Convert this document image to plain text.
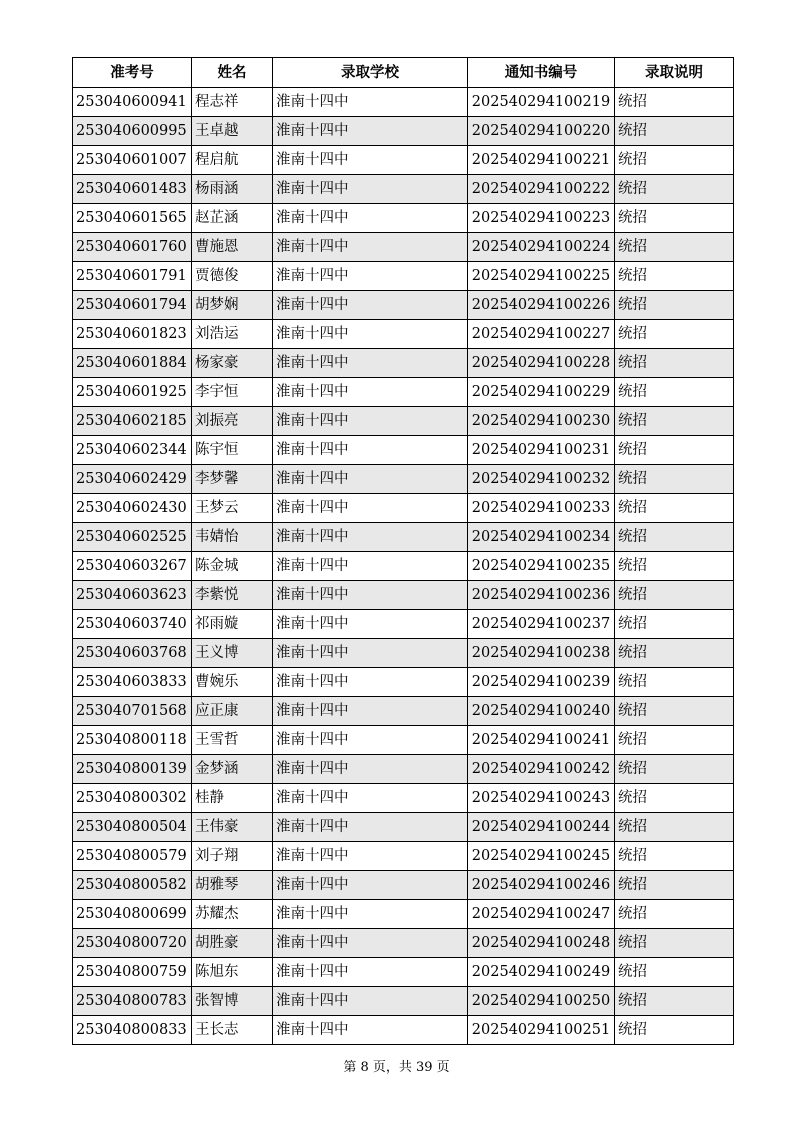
准考号	姓名	录取学校	通知书编号	录取说明
253040600941	程志祥	淮南十四中	202540294100219	统招
253040600995	王卓越	淮南十四中	202540294100220	统招
253040601007	程启航	淮南十四中	202540294100221	统招
253040601483	杨雨涵	淮南十四中	202540294100222	统招
253040601565	赵芷涵	淮南十四中	202540294100223	统招
253040601760	曹施恩	淮南十四中	202540294100224	统招
253040601791	贾德俊	淮南十四中	202540294100225	统招
253040601794	胡梦娴	淮南十四中	202540294100226	统招
253040601823	刘浩运	淮南十四中	202540294100227	统招
253040601884	杨家豪	淮南十四中	202540294100228	统招
253040601925	李宇恒	淮南十四中	202540294100229	统招
253040602185	刘振亮	淮南十四中	202540294100230	统招
253040602344	陈宇恒	淮南十四中	202540294100231	统招
253040602429	李梦馨	淮南十四中	202540294100232	统招
253040602430	王梦云	淮南十四中	202540294100233	统招
253040602525	韦婧怡	淮南十四中	202540294100234	统招
253040603267	陈金城	淮南十四中	202540294100235	统招
253040603623	李紫悦	淮南十四中	202540294100236	统招
253040603740	祁雨嫙	淮南十四中	202540294100237	统招
253040603768	王义博	淮南十四中	202540294100238	统招
253040603833	曹婉乐	淮南十四中	202540294100239	统招
253040701568	应正康	淮南十四中	202540294100240	统招
253040800118	王雪哲	淮南十四中	202540294100241	统招
253040800139	金梦涵	淮南十四中	202540294100242	统招
253040800302	桂静	淮南十四中	202540294100243	统招
253040800504	王伟豪	淮南十四中	202540294100244	统招
253040800579	刘子翔	淮南十四中	202540294100245	统招
253040800582	胡雅琴	淮南十四中	202540294100246	统招
253040800699	苏耀杰	淮南十四中	202540294100247	统招
253040800720	胡胜豪	淮南十四中	202540294100248	统招
253040800759	陈旭东	淮南十四中	202540294100249	统招
253040800783	张智博	淮南十四中	202540294100250	统招
253040800833	王长志	淮南十四中	202540294100251	统招
第 8 页，共 39 页
